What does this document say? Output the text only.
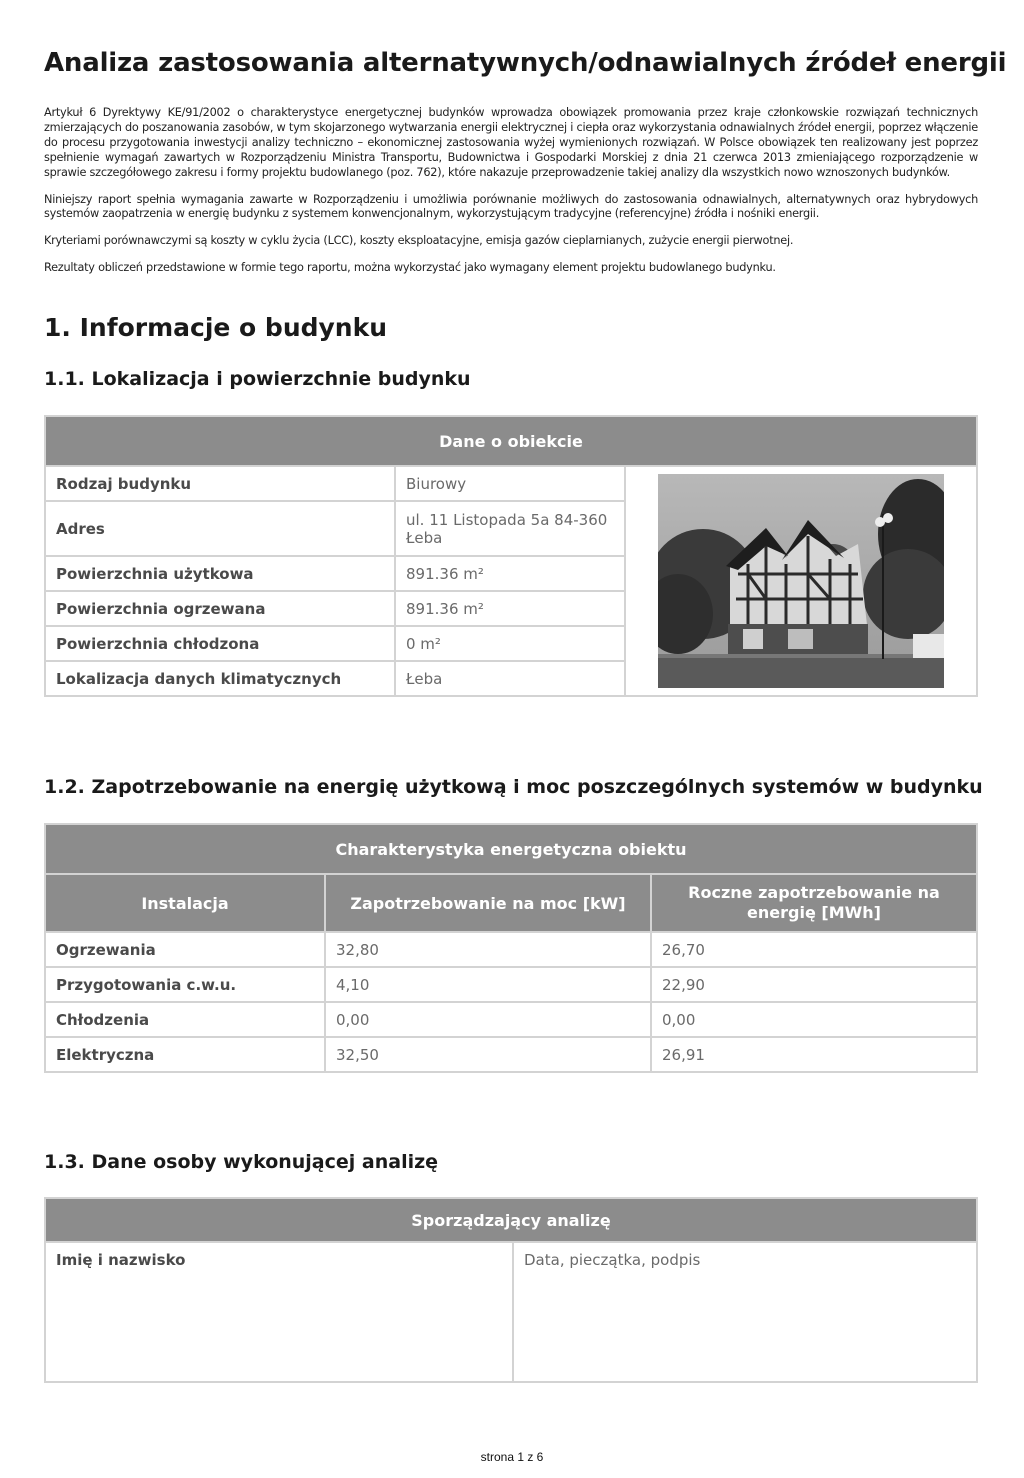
Analiza zastosowania alternatywnych/odnawialnych źródeł energii

Artykuł 6 Dyrektywy KE/91/2002 o charakterystyce energetycznej budynków wprowadza obowiązek promowania przez kraje członkowskie rozwiązań technicznych zmierzających do poszanowania zasobów, w tym skojarzonego wytwarzania energii elektrycznej i ciepła oraz wykorzystania odnawialnych źródeł energii, poprzez włączenie do procesu przygotowania inwestycji analizy techniczno – ekonomicznej zastosowania wyżej wymienionych rozwiązań. W Polsce obowiązek ten realizowany jest poprzez spełnienie wymagań zawartych w Rozporządzeniu Ministra Transportu, Budownictwa i Gospodarki Morskiej z dnia 21 czerwca 2013 zmieniającego rozporządzenie w sprawie szczegółowego zakresu i formy projektu budowlanego (poz. 762), które nakazuje przeprowadzenie takiej analizy dla wszystkich nowo wznoszonych budynków.

Niniejszy raport spełnia wymagania zawarte w Rozporządzeniu i umożliwia porównanie możliwych do zastosowania odnawialnych, alternatywnych oraz hybrydowych systemów zaopatrzenia w energię budynku z systemem konwencjonalnym, wykorzystującym tradycyjne (referencyjne) źródła i nośniki energii.

Kryteriami porównawczymi są koszty w cyklu życia (LCC), koszty eksploatacyjne, emisja gazów cieplarnianych, zużycie energii pierwotnej.

Rezultaty obliczeń przedstawione w formie tego raportu, można wykorzystać jako wymagany element projektu budowlanego budynku.

1. Informacje o budynku
1.1. Lokalizacja i powierzchnie budynku
Dane o obiekcie		
Rodzaj budynku	Biurowy	

Adres	ul. 11 Listopada 5a 84-360 Łeba	
Powierzchnia użytkowa	891.36 m²	
Powierzchnia ogrzewana	891.36 m²	
Powierzchnia chłodzona	0 m²	
Lokalizacja danych klimatycznych	Łeba	
1.2. Zapotrzebowanie na energię użytkową i moc poszczególnych systemów w budynku
Charakterystyka energetyczna obiektu		
Instalacja	Zapotrzebowanie na moc [kW]	Roczne zapotrzebowanie na energię [MWh]
Ogrzewania	32,80	26,70
Przygotowania c.w.u.	4,10	22,90
Chłodzenia	0,00	0,00
Elektryczna	32,50	26,91
1.3. Dane osoby wykonującej analizę
Sporządzający analizę
Imię i nazwisko	Data, pieczątka, podpis
strona 1 z 6
